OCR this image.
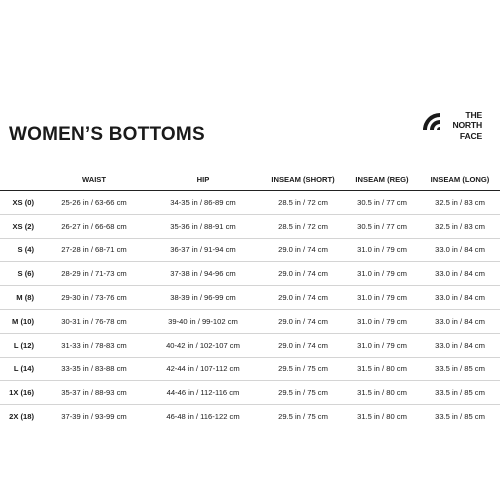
WOMEN’S BOTTOMS
THE
NORTH
FACE
	WAIST	HIP	INSEAM (SHORT)	INSEAM (REG)	INSEAM (LONG)
XS (0)	25-26 in / 63-66 cm	34-35 in / 86-89 cm	28.5 in / 72 cm	30.5 in / 77 cm	32.5 in / 83 cm
XS (2)	26-27 in / 66-68 cm	35-36 in / 88-91 cm	28.5 in / 72 cm	30.5 in / 77 cm	32.5 in / 83 cm
S (4)	27-28 in / 68-71 cm	36-37 in / 91-94 cm	29.0 in / 74 cm	31.0 in / 79 cm	33.0 in / 84 cm
S (6)	28-29 in / 71-73 cm	37-38 in / 94-96 cm	29.0 in / 74 cm	31.0 in / 79 cm	33.0 in / 84 cm
M (8)	29-30 in / 73-76 cm	38-39 in / 96-99 cm	29.0 in / 74 cm	31.0 in / 79 cm	33.0 in / 84 cm
M (10)	30-31 in / 76-78 cm	39-40 in / 99-102 cm	29.0 in / 74 cm	31.0 in / 79 cm	33.0 in / 84 cm
L (12)	31-33 in / 78-83 cm	40-42 in / 102-107 cm	29.0 in / 74 cm	31.0 in / 79 cm	33.0 in / 84 cm
L (14)	33-35 in / 83-88 cm	42-44 in / 107-112 cm	29.5 in / 75 cm	31.5 in / 80 cm	33.5 in / 85 cm
1X (16)	35-37 in / 88-93 cm	44-46 in / 112-116 cm	29.5 in / 75 cm	31.5 in / 80 cm	33.5 in / 85 cm
2X (18)	37-39 in / 93-99 cm	46-48 in / 116-122 cm	29.5 in / 75 cm	31.5 in / 80 cm	33.5 in / 85 cm
